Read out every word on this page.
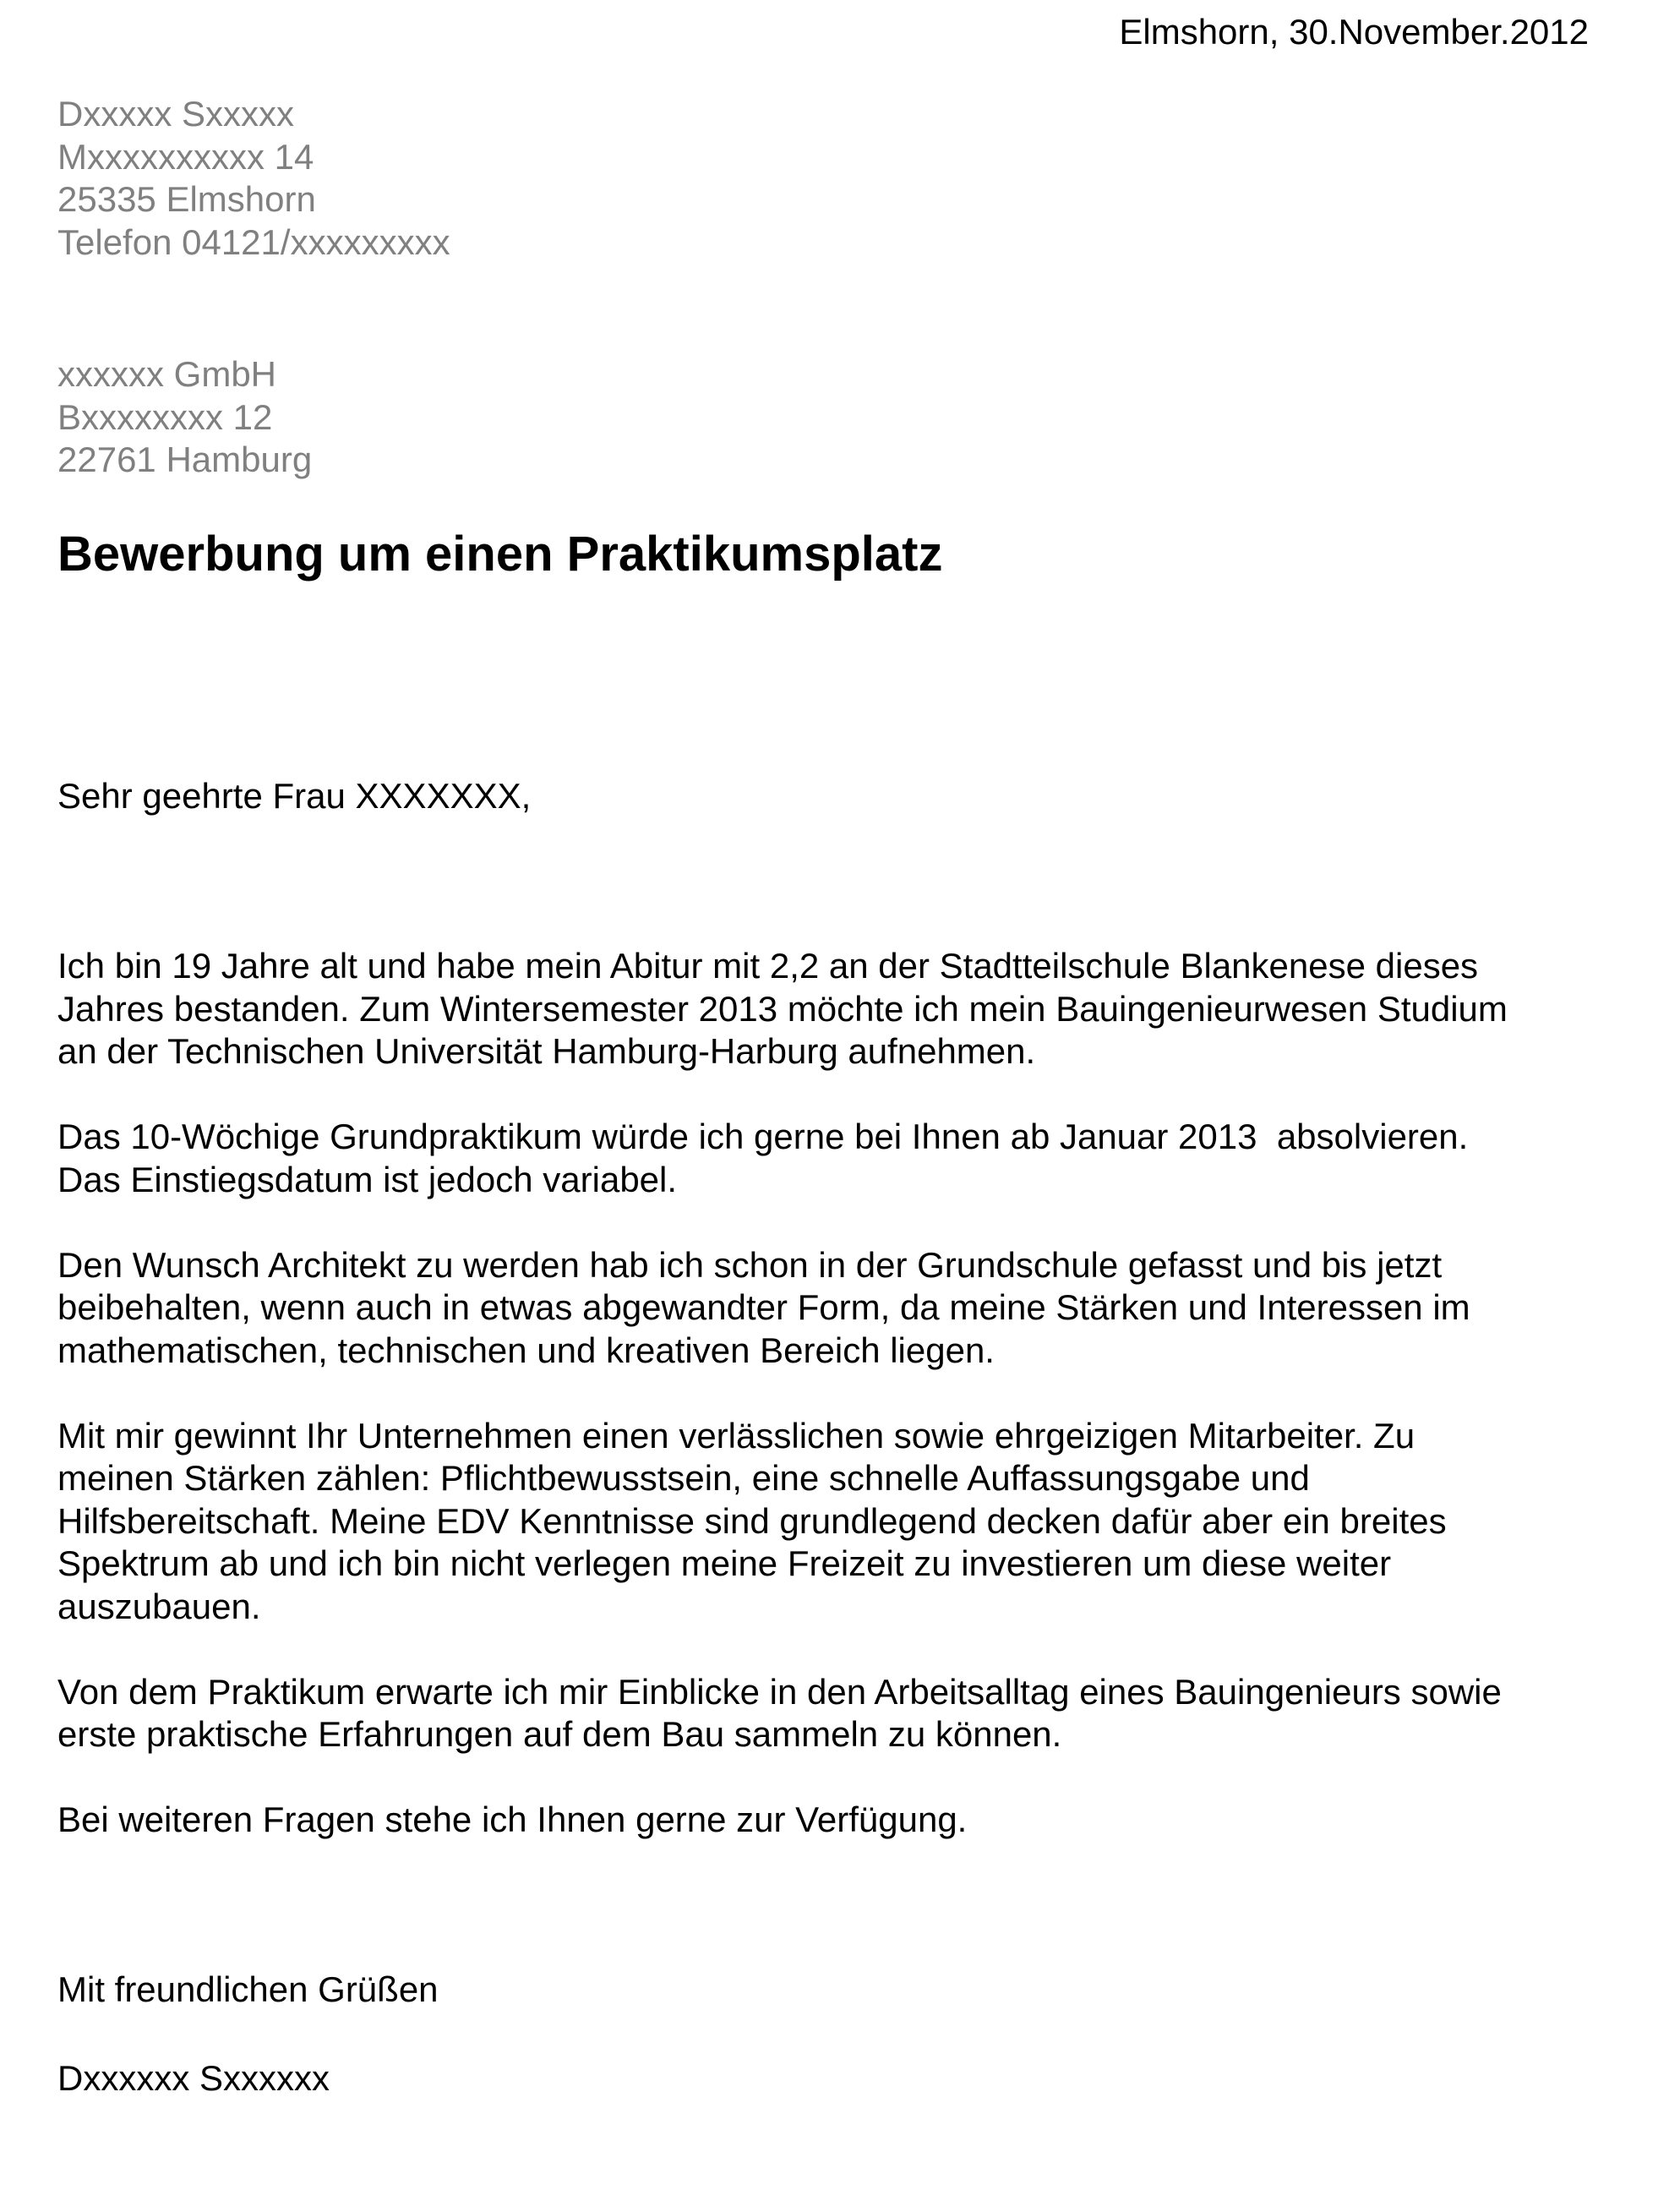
Elmshorn, 30.November.2012
Dxxxxx Sxxxxx
Mxxxxxxxxxx 14
25335 Elmshorn
Telefon 04121/xxxxxxxxx
xxxxxx GmbH
Bxxxxxxxx 12
22761 Hamburg
Bewerbung um einen Praktikumsplatz
Sehr geehrte Frau XXXXXXX,

Ich bin 19 Jahre alt und habe mein Abitur mit 2,2 an der Stadtteilschule Blankenese dieses
Jahres bestanden. Zum Wintersemester 2013 möchte ich mein Bauingenieurwesen Studium
an der Technischen Universität Hamburg-Harburg aufnehmen.

Das 10-Wöchige Grundpraktikum würde ich gerne bei Ihnen ab Januar 2013  absolvieren.
Das Einstiegsdatum ist jedoch variabel.

Den Wunsch Architekt zu werden hab ich schon in der Grundschule gefasst und bis jetzt
beibehalten, wenn auch in etwas abgewandter Form, da meine Stärken und Interessen im
mathematischen, technischen und kreativen Bereich liegen.

Mit mir gewinnt Ihr Unternehmen einen verlässlichen sowie ehrgeizigen Mitarbeiter. Zu
meinen Stärken zählen: Pflichtbewusstsein, eine schnelle Auffassungsgabe und
Hilfsbereitschaft. Meine EDV Kenntnisse sind grundlegend decken dafür aber ein breites
Spektrum ab und ich bin nicht verlegen meine Freizeit zu investieren um diese weiter
auszubauen.

Von dem Praktikum erwarte ich mir Einblicke in den Arbeitsalltag eines Bauingenieurs sowie
erste praktische Erfahrungen auf dem Bau sammeln zu können.

Bei weiteren Fragen stehe ich Ihnen gerne zur Verfügung.

Mit freundlichen Grüßen
Dxxxxxx Sxxxxxx
